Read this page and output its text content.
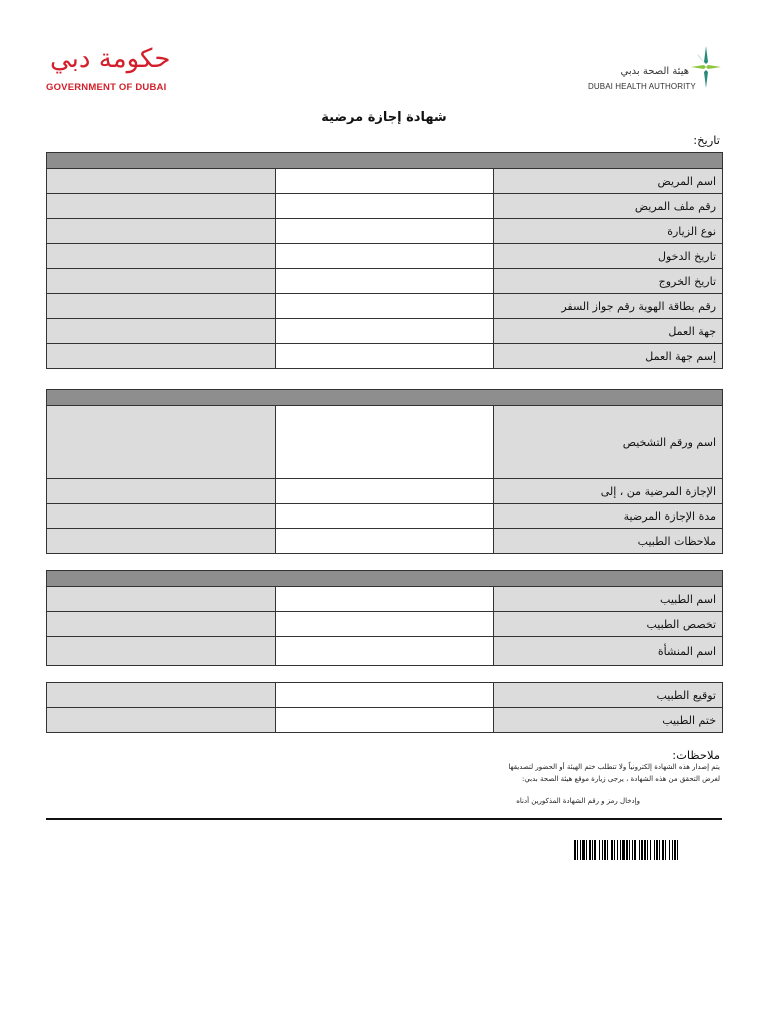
حكومة دبي
GOVERNMENT OF DUBAI
هيئة الصحة بدبي
DUBAI HEALTH AUTHORITY
شهادة إجازة مرضية
تاريخ:

		اسم المريض
		رقم ملف المريض
		نوع الزيارة
		تاريخ الدخول
		تاريخ الخروج
		رقم بطاقة الهوية رقم جواز السفر
		جهة العمل
		إسم جهة العمل

		اسم ورقم التشخيص
		الإجازة المرضية من ، إلى
		مدة الإجازة المرضية
		ملاحظات الطبيب

		اسم الطبيب
		تخصص الطبيب
		اسم المنشأة
		توقيع الطبيب
		ختم الطبيب
ملاحظات:
يتم إصدار هذه الشهادة إلكترونياً ولا تتطلب ختم الهيئة أو الحضور لتصديقها
لغرض التحقق من هذه الشهادة ، يرجى زيارة موقع هيئة الصحة بدبي:
وإدخال رمز و رقم الشهادة المذكورين أدناه
